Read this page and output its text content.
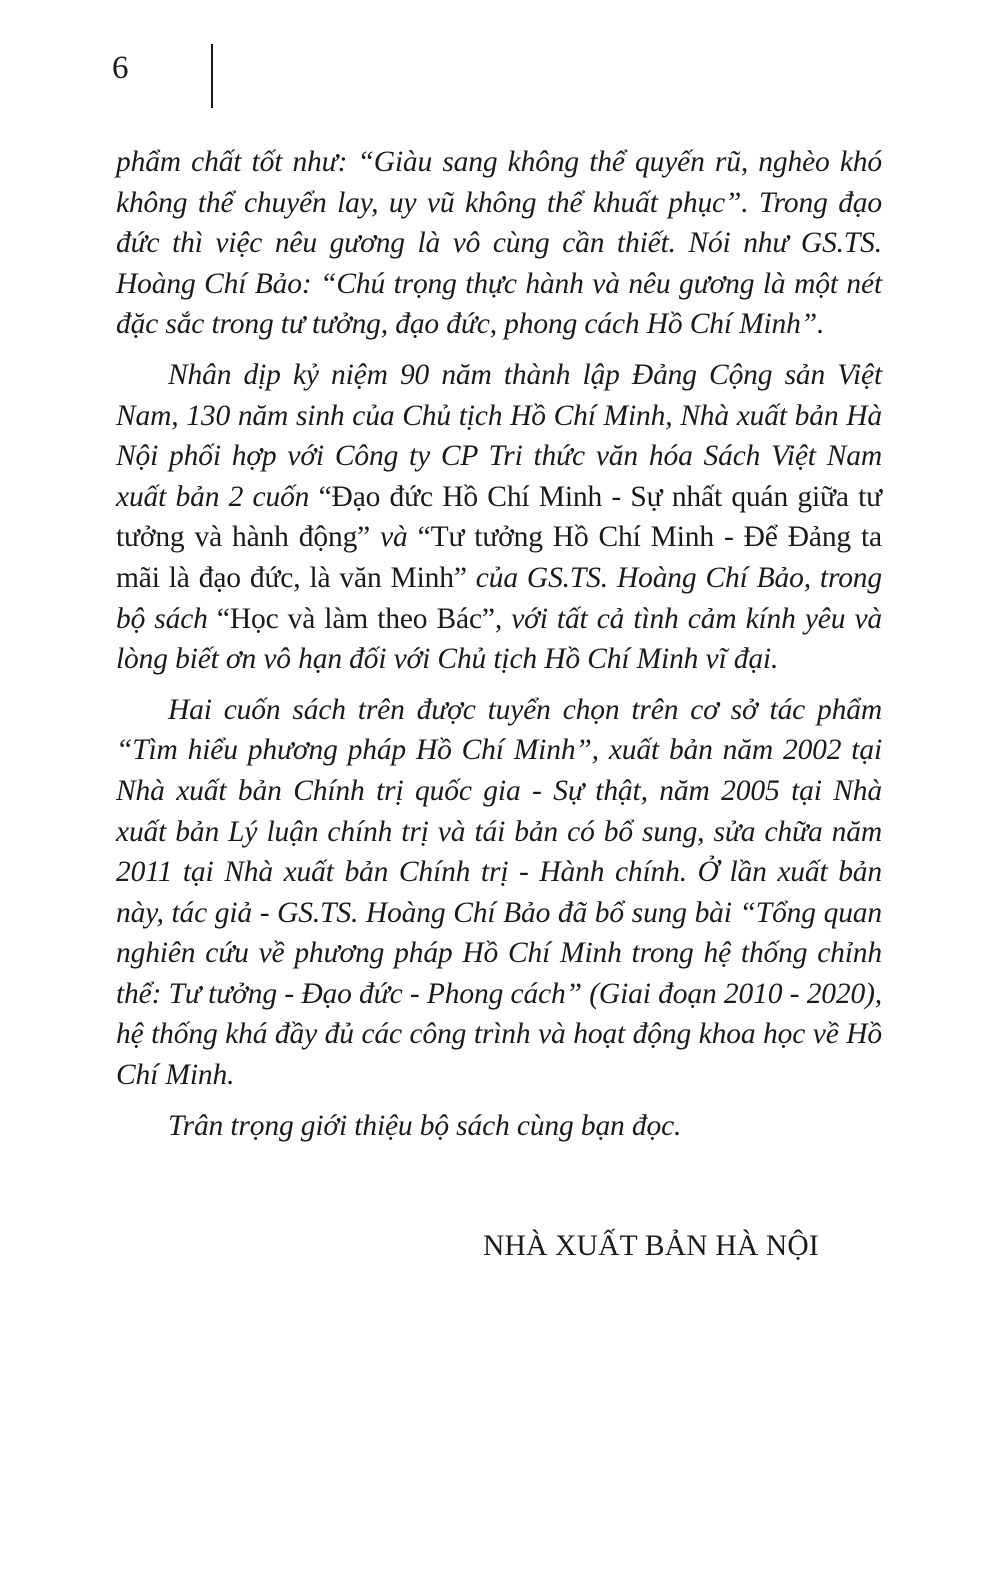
6

phẩm chất tốt như: “Giàu sang không thể quyến rũ, nghèo khó không thể chuyển lay, uy vũ không thể khuất phục”. Trong đạo đức thì việc nêu gương là vô cùng cần thiết. Nói như GS.TS. Hoàng Chí Bảo: “Chú trọng thực hành và nêu gương là một nét đặc sắc trong tư tưởng, đạo đức, phong cách Hồ Chí Minh”.

Nhân dịp kỷ niệm 90 năm thành lập Đảng Cộng sản Việt Nam, 130 năm sinh của Chủ tịch Hồ Chí Minh, Nhà xuất bản Hà Nội phối hợp với Công ty CP Tri thức văn hóa Sách Việt Nam xuất bản 2 cuốn “Đạo đức Hồ Chí Minh - Sự nhất quán giữa tư tưởng và hành động” và “Tư tưởng Hồ Chí Minh - Để Đảng ta mãi là đạo đức, là văn Minh” của GS.TS. Hoàng Chí Bảo, trong bộ sách “Học và làm theo Bác”, với tất cả tình cảm kính yêu và lòng biết ơn vô hạn đối với Chủ tịch Hồ Chí Minh vĩ đại.

Hai cuốn sách trên được tuyển chọn trên cơ sở tác phẩm “Tìm hiểu phương pháp Hồ Chí Minh”, xuất bản năm 2002 tại Nhà xuất bản Chính trị quốc gia - Sự thật, năm 2005 tại Nhà xuất bản Lý luận chính trị và tái bản có bổ sung, sửa chữa năm 2011 tại Nhà xuất bản Chính trị - Hành chính. Ở lần xuất bản này, tác giả - GS.TS. Hoàng Chí Bảo đã bổ sung bài “Tổng quan nghiên cứu về phương pháp Hồ Chí Minh trong hệ thống chỉnh thể: Tư tưởng - Đạo đức - Phong cách” (Giai đoạn 2010 - 2020), hệ thống khá đầy đủ các công trình và hoạt động khoa học về Hồ Chí Minh.

Trân trọng giới thiệu bộ sách cùng bạn đọc.

NHÀ XUẤT BẢN HÀ NỘI
